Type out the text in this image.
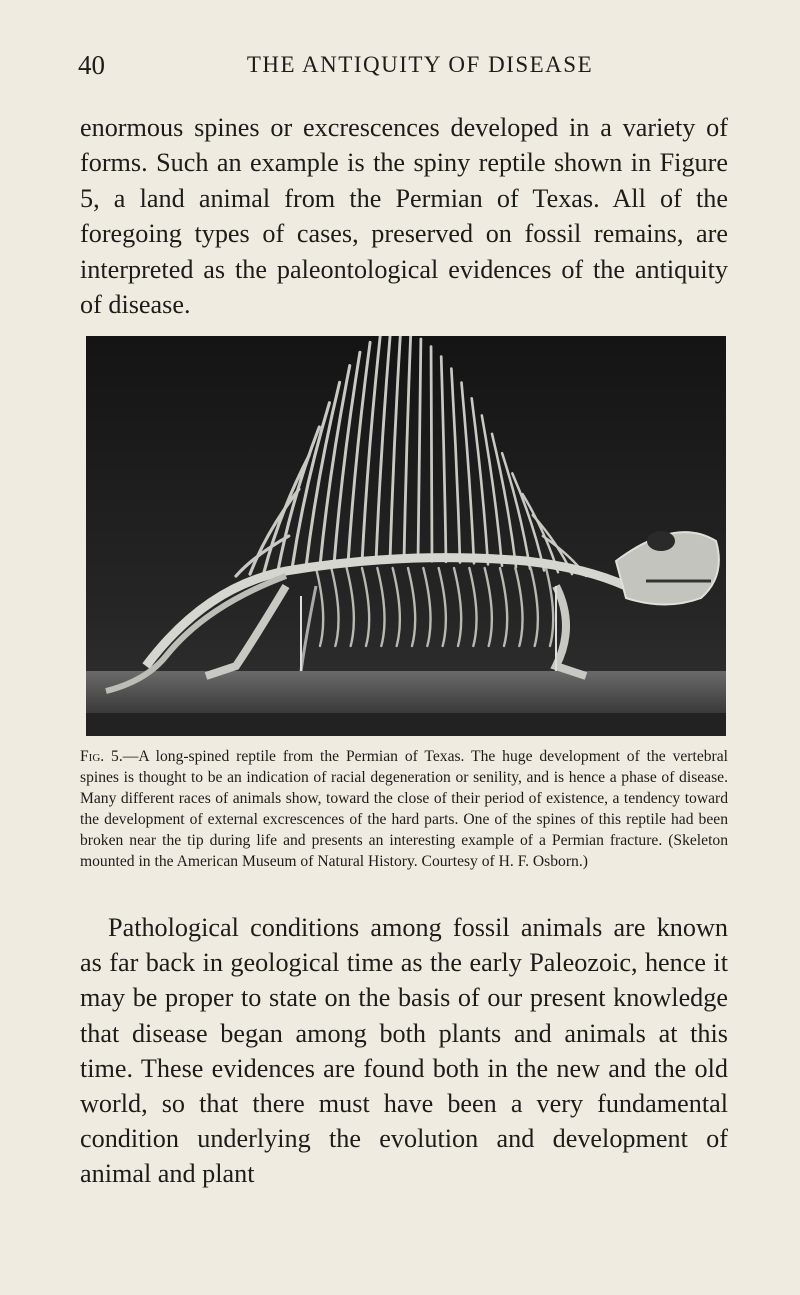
40	THE ANTIQUITY OF DISEASE

enormous spines or excrescences developed in a variety of forms. Such an example is the spiny reptile shown in Figure 5, a land animal from the Permian of Texas. All of the foregoing types of cases, preserved on fossil remains, are interpreted as the paleontological evidences of the antiquity of disease.

Fig. 5.—A long-spined reptile from the Permian of Texas. The huge development of the vertebral spines is thought to be an indication of racial degeneration or senility, and is hence a phase of disease. Many different races of animals show, toward the close of their period of existence, a tendency toward the development of external excrescences of the hard parts. One of the spines of this reptile had been broken near the tip during life and presents an interesting example of a Permian fracture. (Skeleton mounted in the American Museum of Natural History. Courtesy of H. F. Osborn.)

Pathological conditions among fossil animals are known as far back in geological time as the early Paleozoic, hence it may be proper to state on the basis of our present knowledge that disease began among both plants and animals at this time. These evidences are found both in the new and the old world, so that there must have been a very fundamental condition underlying the evolution and development of animal and plant
